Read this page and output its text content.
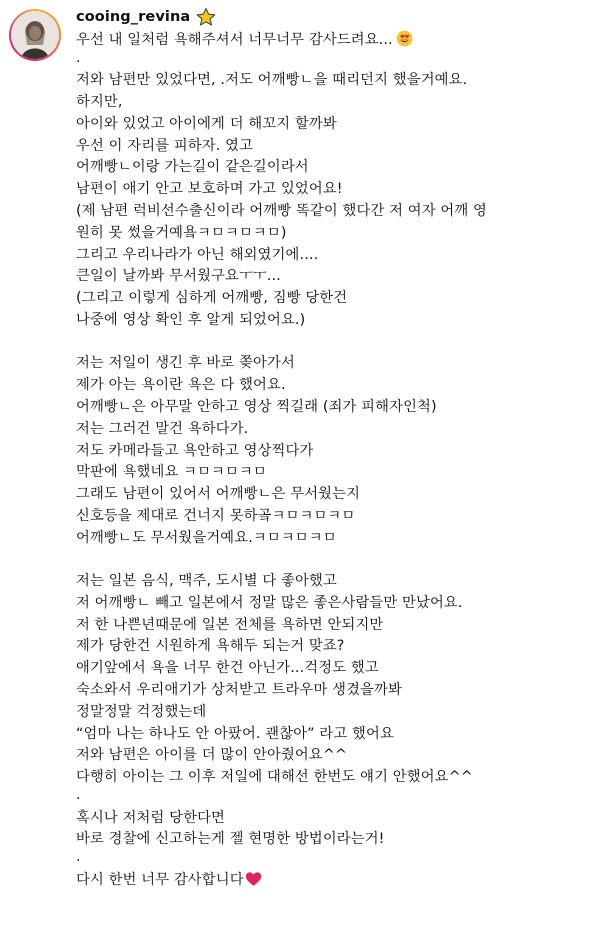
cooing_revina
우선 내 일처럼 욕해주셔서 너무너무 감사드려요...
.
저와 남편만 있었다면, .저도 어깨빵ㄴ을 때리던지 했을거예요.
하지만,
아이와 있었고 아이에게 더 해꼬지 할까봐
우선 이 자리를 피하자. 였고
어깨빵ㄴ이랑 가는길이 같은길이라서
남편이 애기 안고 보호하며 가고 있었어요!
(제 남편 럭비선수출신이라 어깨빵 똑같이 했다간 저 여자 어깨 영
원히 못 썼을거예욬ㅋㅁㅋㅁㅋㅁ)
그리고 우리나라가 아닌 해외였기에....
큰일이 날까봐 무서웠구요ㅜㅜ...
(그리고 이렇게 심하게 어깨빵, 짐빵 당한건
나중에 영상 확인 후 알게 되었어요.)
저는 저일이 생긴 후 바로 쫒아가서
제가 아는 욕이란 욕은 다 했어요.
어깨빵ㄴ은 아무말 안하고 영상 찍길래 (죄가 피해자인척)
저는 그러건 말건 욕하다가.
저도 카메라들고 욕안하고 영상찍다가
막판에 욕했네요 ㅋㅁㅋㅁㅋㅁ
그래도 남편이 있어서 어깨빵ㄴ은 무서웠는지
신호등을 제대로 건너지 못하곸ㅋㅁㅋㅁㅋㅁ
어깨빵ㄴ도 무서웠을거예요.ㅋㅁㅋㅁㅋㅁ
저는 일본 음식, 맥주, 도시별 다 좋아했고
저 어깨빵ㄴ 빼고 일본에서 정말 많은 좋은사람들만 만났어요.
저 한 나쁜년때문에 일본 전체를 욕하면 안되지만
제가 당한건 시원하게 욕해두 되는거 맞죠?
애기앞에서 욕을 너무 한건 아닌가...걱정도 했고
숙소와서 우리애기가 상처받고 트라우마 생겼을까봐
정말정말 걱정했는데
“엄마 나는 하나도 안 아팠어. 괜찮아” 라고 했어요
저와 남편은 아이를 더 많이 안아줬어요^^
다행히 아이는 그 이후 저일에 대해선 한번도 얘기 안했어요^^
.
혹시나 저처럼 당한다면
바로 경찰에 신고하는게 젤 현명한 방법이라는거!
.
다시 한번 너무 감사합니다
